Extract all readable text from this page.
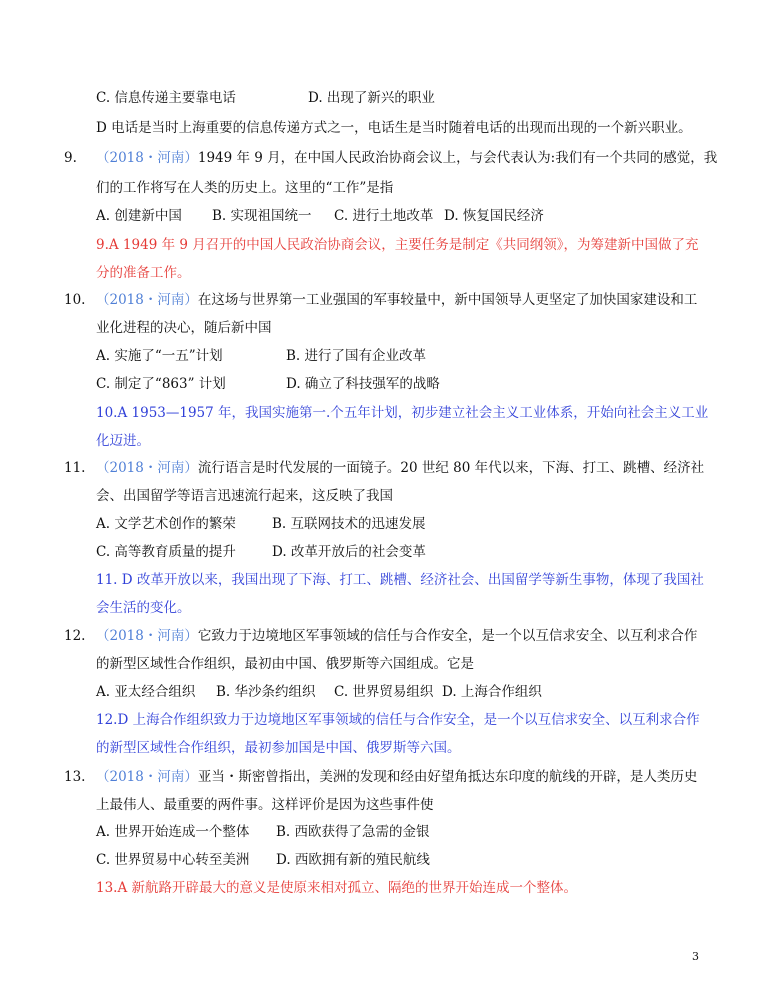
C. 信息传递主要靠电话	D. 出现了新兴的职业
D 电话是当时上海重要的信息传递方式之一，电话生是当时随着电话的出现而出现的一个新兴职业。
9. （2018・河南）1949 年 9 月，在中国人民政治协商会议上，与会代表认为:我们有一个共同的感觉，我
们的工作将写在人类的历史上。这里的“工作”是指
A. 创建新中国 B. 实现祖国统一 C. 进行土地改革 D. 恢复国民经济
9.A 1949 年 9 月召开的中国人民政治协商会议，主要任务是制定《共同纲领》，为筹建新中国做了充
分的准备工作。
10. （2018・河南）在这场与世界第一工业强国的军事较量中，新中国领导人更坚定了加快国家建设和工
业化进程的决心，随后新中国
A. 实施了“一五”计划	B. 进行了国有企业改革
C. 制定了“863” 计划	D. 确立了科技强军的战略
10.A 1953—1957 年，我国实施第一.个五年计划，初步建立社会主义工业体系，开始向社会主义工业
化迈进。
11. （2018・河南）流行语言是时代发展的一面镜子。20 世纪 80 年代以来，下海、打工、跳槽、经济社
会、出国留学等语言迅速流行起来，这反映了我国
A. 文学艺术创作的繁荣	B. 互联网技术的迅速发展
C. 高等教育质量的提升	D. 改革开放后的社会变革
11. D 改革开放以来，我国出现了下海、打工、跳槽、经济社会、出国留学等新生事物，体现了我国社
会生活的变化。
12. （2018・河南）它致力于边境地区军事领域的信任与合作安全，是一个以互信求安全、以互利求合作
的新型区域性合作组织，最初由中国、俄罗斯等六国组成。它是
A. 亚太经合组织 B. 华沙条约组织 C. 世界贸易组织 D. 上海合作组织
12.D 上海合作组织致力于边境地区军事领域的信任与合作安全，是一个以互信求安全、以互利求合作
的新型区域性合作组织，最初参加国是中国、俄罗斯等六国。
13. （2018・河南）亚当・斯密曾指出，美洲的发现和经由好望角抵达东印度的航线的开辟，是人类历史
上最伟人、最重要的两件事。这样评价是因为这些事件使
A. 世界开始连成一个整体 B. 西欧获得了急需的金银
C. 世界贸易中心转至美洲 D. 西欧拥有新的殖民航线
13.A 新航路开辟最大的意义是使原来相对孤立、隔绝的世界开始连成一个整体。
3
